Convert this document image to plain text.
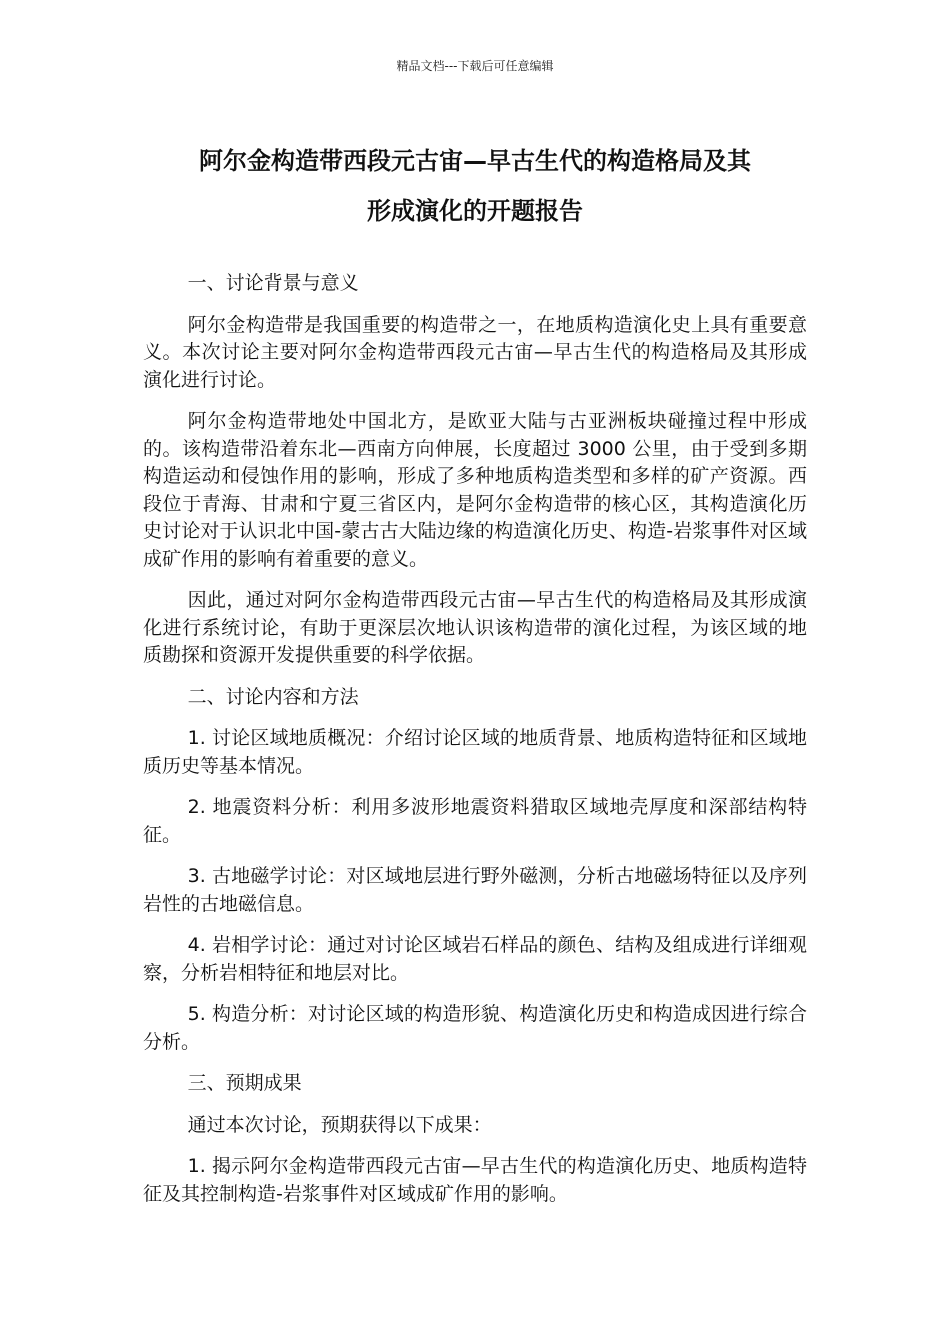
精品文档---下载后可任意编辑
阿尔金构造带西段元古宙—早古生代的构造格局及其
形成演化的开题报告

一、讨论背景与意义

阿尔金构造带是我国重要的构造带之一，在地质构造演化史上具有重要意义。本次讨论主要对阿尔金构造带西段元古宙—早古生代的构造格局及其形成演化进行讨论。

阿尔金构造带地处中国北方，是欧亚大陆与古亚洲板块碰撞过程中形成的。该构造带沿着东北—西南方向伸展，长度超过 3000 公里，由于受到多期构造运动和侵蚀作用的影响，形成了多种地质构造类型和多样的矿产资源。西段位于青海、甘肃和宁夏三省区内，是阿尔金构造带的核心区，其构造演化历史讨论对于认识北中国-蒙古古大陆边缘的构造演化历史、构造-岩浆事件对区域成矿作用的影响有着重要的意义。

因此，通过对阿尔金构造带西段元古宙—早古生代的构造格局及其形成演化进行系统讨论，有助于更深层次地认识该构造带的演化过程，为该区域的地质勘探和资源开发提供重要的科学依据。

二、讨论内容和方法

1. 讨论区域地质概况：介绍讨论区域的地质背景、地质构造特征和区域地质历史等基本情况。

2. 地震资料分析：利用多波形地震资料猎取区域地壳厚度和深部结构特征。

3. 古地磁学讨论：对区域地层进行野外磁测，分析古地磁场特征以及序列岩性的古地磁信息。

4. 岩相学讨论：通过对讨论区域岩石样品的颜色、结构及组成进行详细观察，分析岩相特征和地层对比。

5. 构造分析：对讨论区域的构造形貌、构造演化历史和构造成因进行综合分析。

三、预期成果

通过本次讨论，预期获得以下成果：

1. 揭示阿尔金构造带西段元古宙—早古生代的构造演化历史、地质构造特征及其控制构造-岩浆事件对区域成矿作用的影响。
